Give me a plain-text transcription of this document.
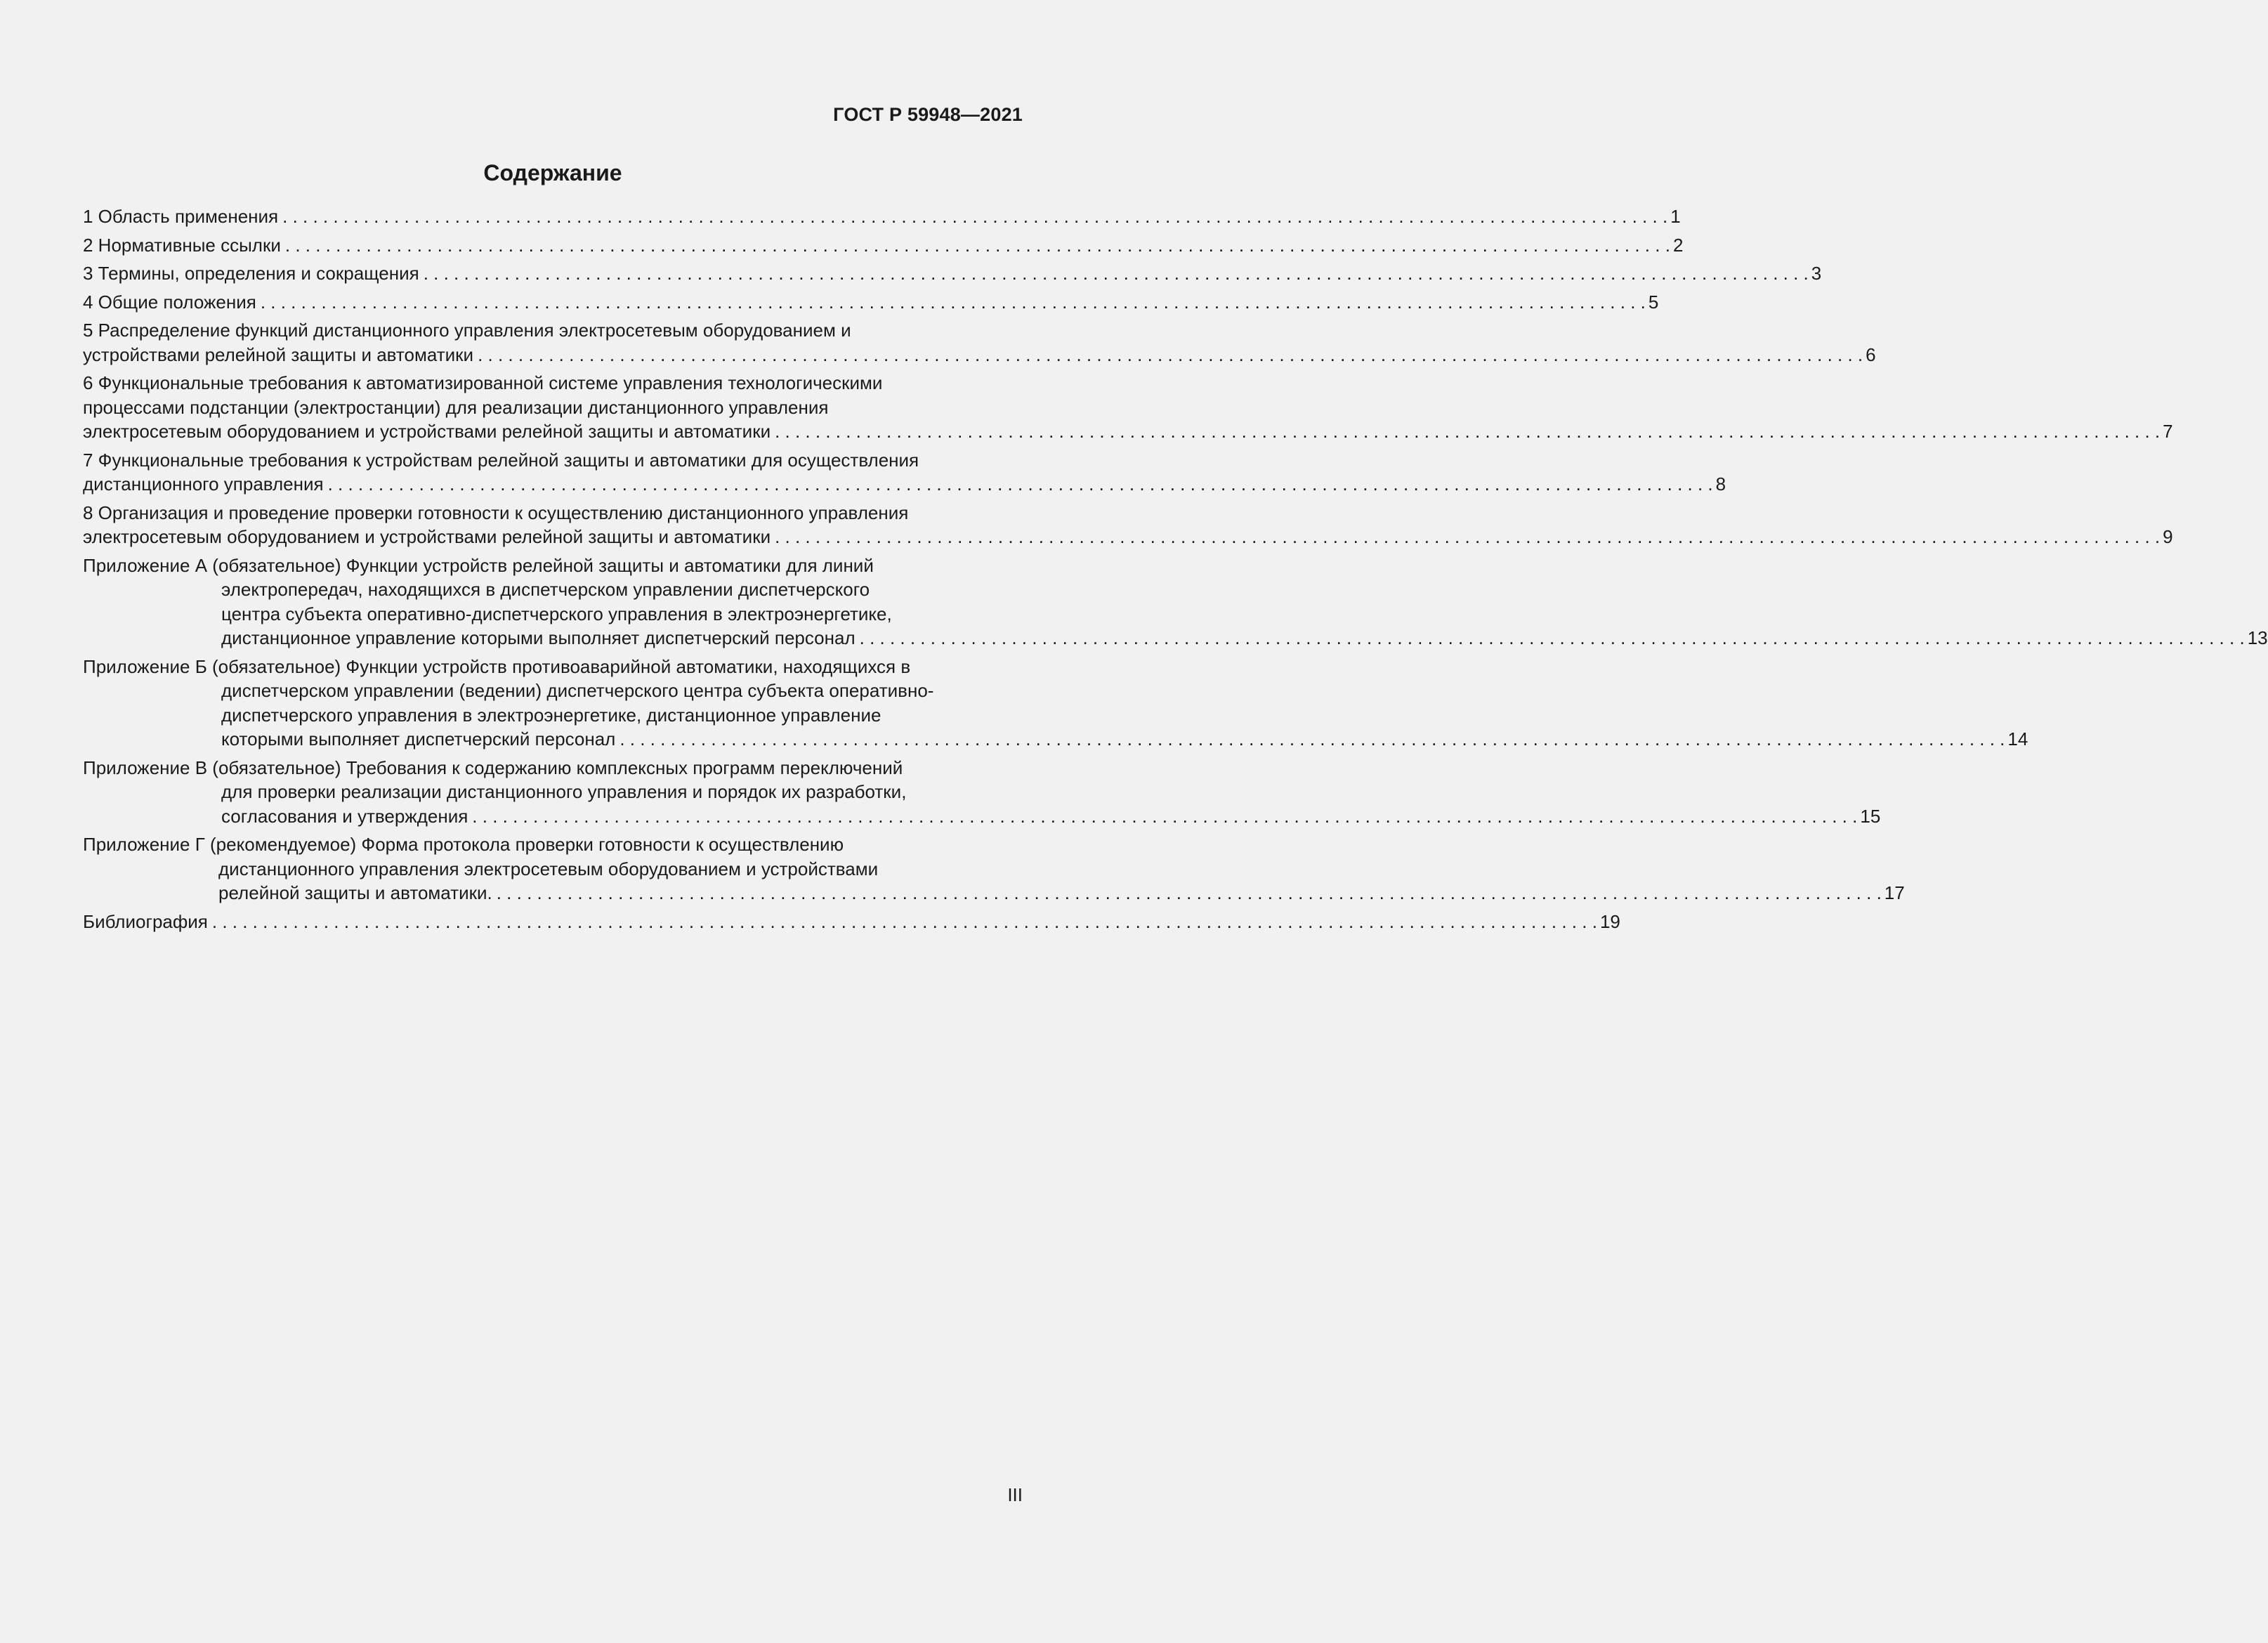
ГОСТ Р 59948—2021
Содержание
1 Область применения . . . . . . . . . . . . . . . . . . . . . . . . . . . . . . . . . . . . . . . . . . . . . . . . . . . . . . . . . . . . . . . . . . . . . . . . . . . . . . . . . . . . . . . . . . . . . . . . . . . . . . . . . . . . . . . . . . . . . . . . . . . . . . . . . . . . . . . . . 1
2 Нормативные ссылки . . . . . . . . . . . . . . . . . . . . . . . . . . . . . . . . . . . . . . . . . . . . . . . . . . . . . . . . . . . . . . . . . . . . . . . . . . . . . . . . . . . . . . . . . . . . . . . . . . . . . . . . . . . . . . . . . . . . . . . . . . . . . . . . . . . . . . . . . 2
3 Термины, определения и сокращения . . . . . . . . . . . . . . . . . . . . . . . . . . . . . . . . . . . . . . . . . . . . . . . . . . . . . . . . . . . . . . . . . . . . . . . . . . . . . . . . . . . . . . . . . . . . . . . . . . . . . . . . . . . . . . . . . . . . . . . . . . . . . . . . . . . . . . . . . 3
4 Общие положения . . . . . . . . . . . . . . . . . . . . . . . . . . . . . . . . . . . . . . . . . . . . . . . . . . . . . . . . . . . . . . . . . . . . . . . . . . . . . . . . . . . . . . . . . . . . . . . . . . . . . . . . . . . . . . . . . . . . . . . . . . . . . . . . . . . . . . . . . 5
5 Распределение функций дистанционного управления электросетевым оборудованием и
устройствами релейной защиты и автоматики . . . . . . . . . . . . . . . . . . . . . . . . . . . . . . . . . . . . . . . . . . . . . . . . . . . . . . . . . . . . . . . . . . . . . . . . . . . . . . . . . . . . . . . . . . . . . . . . . . . . . . . . . . . . . . . . . . . . . . . . . . . . . . . . . . . . . . . . . 6
6 Функциональные требования к автоматизированной системе управления технологическими
процессами подстанции (электростанции) для реализации дистанционного управления
электросетевым оборудованием и устройствами релейной защиты и автоматики . . . . . . . . . . . . . . . . . . . . . . . . . . . . . . . . . . . . . . . . . . . . . . . . . . . . . . . . . . . . . . . . . . . . . . . . . . . . . . . . . . . . . . . . . . . . . . . . . . . . . . . . . . . . . . . . . . . . . . . . . . . . . . . . . . . . . . . . . 7
7 Функциональные требования к устройствам релейной защиты и автоматики для осуществления
дистанционного управления . . . . . . . . . . . . . . . . . . . . . . . . . . . . . . . . . . . . . . . . . . . . . . . . . . . . . . . . . . . . . . . . . . . . . . . . . . . . . . . . . . . . . . . . . . . . . . . . . . . . . . . . . . . . . . . . . . . . . . . . . . . . . . . . . . . . . . . . . 8
8 Организация и проведение проверки готовности к осуществлению дистанционного управления
электросетевым оборудованием и устройствами релейной защиты и автоматики . . . . . . . . . . . . . . . . . . . . . . . . . . . . . . . . . . . . . . . . . . . . . . . . . . . . . . . . . . . . . . . . . . . . . . . . . . . . . . . . . . . . . . . . . . . . . . . . . . . . . . . . . . . . . . . . . . . . . . . . . . . . . . . . . . . . . . . . . 9
Приложение А (обязательное) Функции устройств релейной защиты и автоматики для линий
электропередач, находящихся в диспетчерском управлении диспетчерского
центра субъекта оперативно-диспетчерского управления в электроэнергетике,
дистанционное управление которыми выполняет диспетчерский персонал . . . . . . . . . . . . . . . . . . . . . . . . . . . . . . . . . . . . . . . . . . . . . . . . . . . . . . . . . . . . . . . . . . . . . . . . . . . . . . . . . . . . . . . . . . . . . . . . . . . . . . . . . . . . . . . . . . . . . . . . . . . . . . . . . . . . . . . . . 13
Приложение Б (обязательное) Функции устройств противоаварийной автоматики, находящихся в
диспетчерском управлении (ведении) диспетчерского центра субъекта оперативно-
диспетчерского управления в электроэнергетике, дистанционное управление
которыми выполняет диспетчерский персонал . . . . . . . . . . . . . . . . . . . . . . . . . . . . . . . . . . . . . . . . . . . . . . . . . . . . . . . . . . . . . . . . . . . . . . . . . . . . . . . . . . . . . . . . . . . . . . . . . . . . . . . . . . . . . . . . . . . . . . . . . . . . . . . . . . . . . . . . . 14
Приложение В (обязательное) Требования к содержанию комплексных программ переключений
для проверки реализации дистанционного управления и порядок их разработки,
согласования и утверждения . . . . . . . . . . . . . . . . . . . . . . . . . . . . . . . . . . . . . . . . . . . . . . . . . . . . . . . . . . . . . . . . . . . . . . . . . . . . . . . . . . . . . . . . . . . . . . . . . . . . . . . . . . . . . . . . . . . . . . . . . . . . . . . . . . . . . . . . . 15
Приложение Г (рекомендуемое) Форма протокола проверки готовности к осуществлению
дистанционного управления электросетевым оборудованием и устройствами
релейной защиты и автоматики. . . . . . . . . . . . . . . . . . . . . . . . . . . . . . . . . . . . . . . . . . . . . . . . . . . . . . . . . . . . . . . . . . . . . . . . . . . . . . . . . . . . . . . . . . . . . . . . . . . . . . . . . . . . . . . . . . . . . . . . . . . . . . . . . . . . . . . . . . 17
Библиография . . . . . . . . . . . . . . . . . . . . . . . . . . . . . . . . . . . . . . . . . . . . . . . . . . . . . . . . . . . . . . . . . . . . . . . . . . . . . . . . . . . . . . . . . . . . . . . . . . . . . . . . . . . . . . . . . . . . . . . . . . . . . . . . . . . . . . . . . 19
III
